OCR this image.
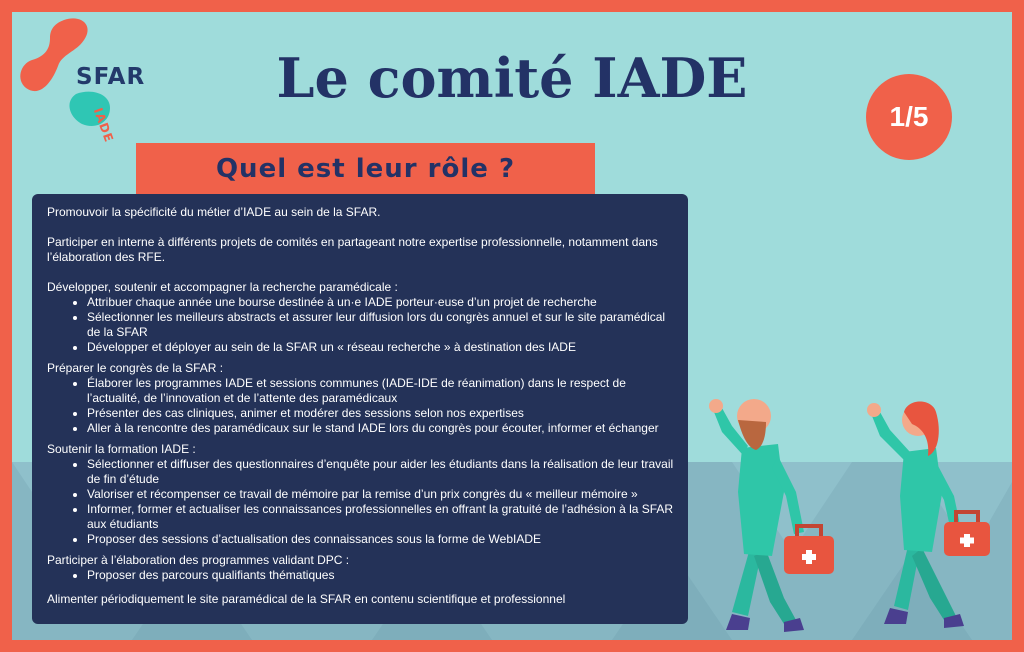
SFAR
IADE
Le comité IADE
1/5
Quel est leur rôle ?

Promouvoir la spécificité du métier d’IADE au sein de la SFAR.

Participer en interne à différents projets de comités en partageant notre expertise professionnelle, notamment dans l’élaboration des RFE.

Développer, soutenir et accompagner la recherche paramédicale :

• Attribuer chaque année une bourse destinée à un·e IADE porteur·euse d’un projet de recherche
• Sélectionner les meilleurs abstracts et assurer leur diffusion lors du congrès annuel et sur le site paramédical de la SFAR
• Développer et déployer au sein de la SFAR un « réseau recherche » à destination des IADE

Préparer le congrès de la SFAR :

• Élaborer les programmes IADE et sessions communes (IADE-IDE de réanimation) dans le respect de l’actualité, de l’innovation et de l’attente des paramédicaux
• Présenter des cas cliniques, animer et modérer des sessions selon nos expertises
• Aller à la rencontre des paramédicaux sur le stand IADE lors du congrès pour écouter, informer et échanger

Soutenir la formation IADE :

• Sélectionner et diffuser des questionnaires d’enquête pour aider les étudiants dans la réalisation de leur travail de fin d’étude
• Valoriser et récompenser ce travail de mémoire par la remise d’un prix congrès du « meilleur mémoire »
• Informer, former et actualiser les connaissances professionnelles en offrant la gratuité de l’adhésion à la SFAR aux étudiants
• Proposer des sessions d’actualisation des connaissances sous la forme de WebIADE

Participer à l’élaboration des programmes validant DPC :

• Proposer des parcours qualifiants thématiques

Alimenter périodiquement le site paramédical de la SFAR en contenu scientifique et professionnel
